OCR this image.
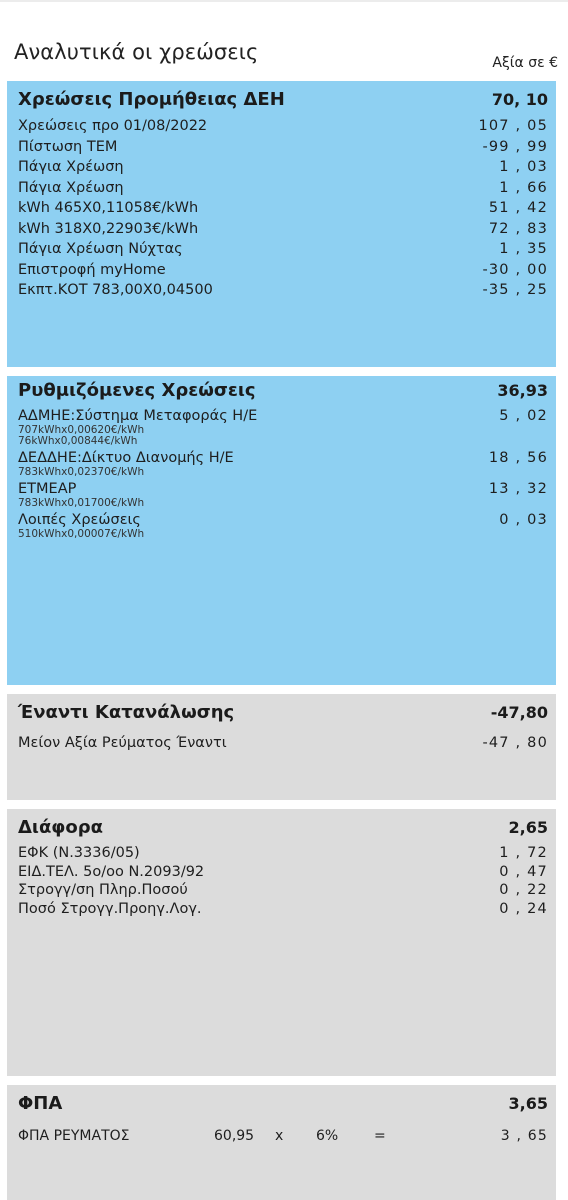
Αναλυτικά οι χρεώσεις	Αξία σε €
Χρεώσεις Προμήθειας ΔΕΗ	70, 10
Χρεώσεις προ 01/08/2022	107 , 05
Πίστωση ΤΕΜ	-99 , 99
Πάγια Χρέωση	1 , 03
Πάγια Χρέωση	1 , 66
kWh 465X0,11058€/kWh	51 , 42
kWh 318X0,22903€/kWh	72 , 83
Πάγια Χρέωση Νύχτας	1 , 35
Επιστροφή myHome	-30 , 00
Εκπτ.ΚΟΤ 783,00Χ0,04500	-35 , 25
Ρυθμιζόμενες Χρεώσεις	36,93
ΑΔΜΗΕ:Σύστημα Μεταφοράς Η/Ε	5 , 02
707kWhx0,00620€/kWh
76kWhx0,00844€/kWh
ΔΕΔΔΗΕ:Δίκτυο Διανομής Η/Ε	18 , 56
783kWhx0,02370€/kWh
ΕΤΜΕΑΡ	13 , 32
783kWhx0,01700€/kWh
Λοιπές Χρεώσεις	0 , 03
510kWhx0,00007€/kWh
Έναντι Κατανάλωσης	-47,80
Μείον Αξία Ρεύματος Έναντι	-47 , 80
Διάφορα	2,65
ΕΦΚ (Ν.3336/05)	1 , 72
ΕΙΔ.ΤΕΛ. 5ο/οο Ν.2093/92	0 , 47
Στρογγ/ση Πληρ.Ποσού	0 , 22
Ποσό Στρογγ.Προηγ.Λογ.	0 , 24
ΦΠΑ	3,65
ΦΠΑ ΡΕΥΜΑΤΟΣ	60,95 x 6%	=	3 , 65
